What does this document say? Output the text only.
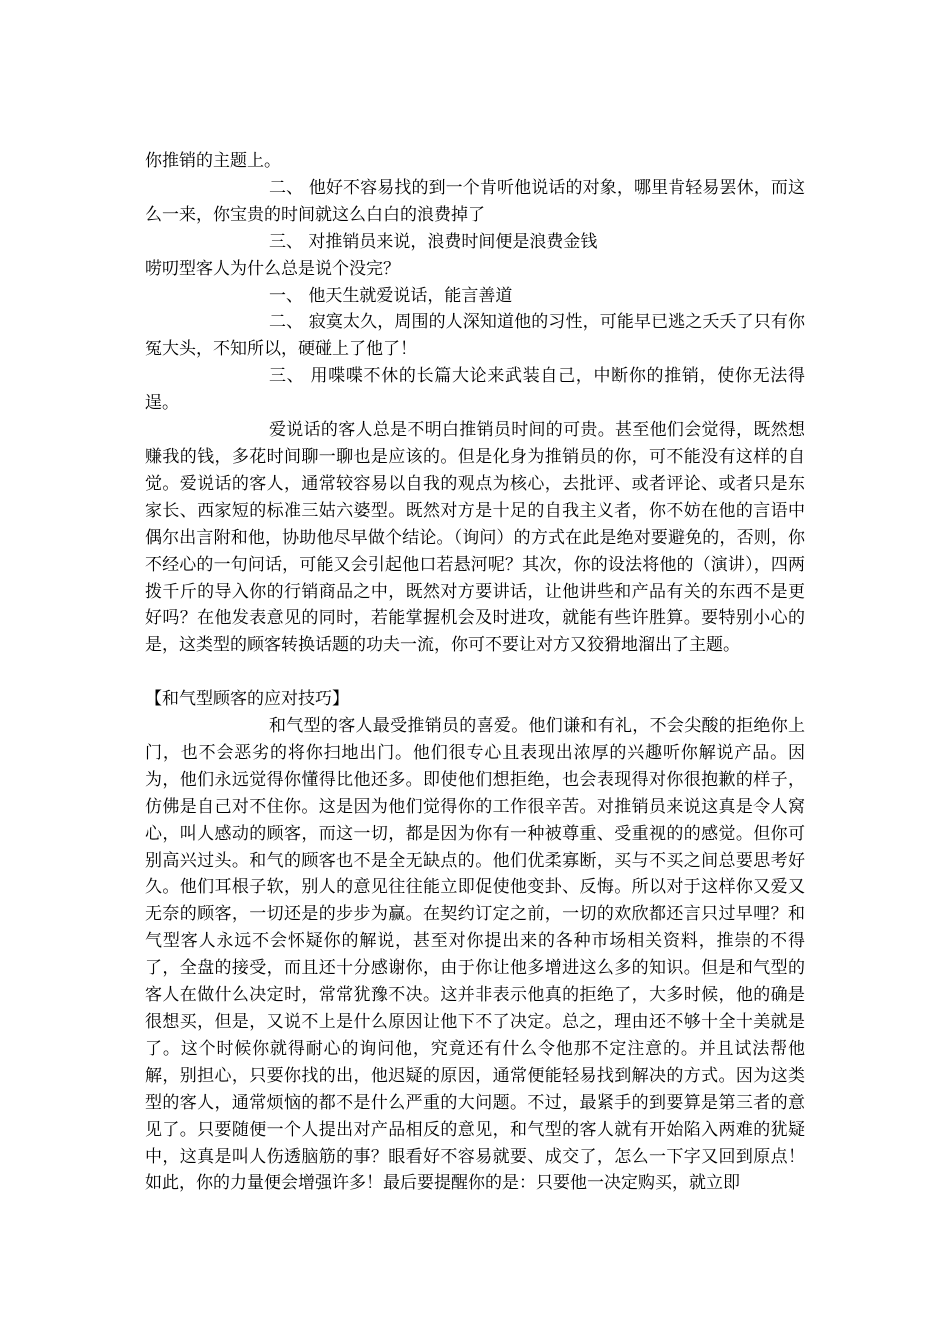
你推销的主题上。

二、 他好不容易找的到一个肯听他说话的对象，哪里肯轻易罢休，而这么一来，你宝贵的时间就这么白白的浪费掉了

三、 对推销员来说，浪费时间便是浪费金钱

唠叨型客人为什么总是说个没完？

一、 他天生就爱说话，能言善道

二、 寂寞太久，周围的人深知道他的习性，可能早已逃之夭夭了只有你冤大头，不知所以，硬碰上了他了！

三、 用喋喋不休的长篇大论来武装自己，中断你的推销，使你无法得逞。

爱说话的客人总是不明白推销员时间的可贵。甚至他们会觉得，既然想赚我的钱，多花时间聊一聊也是应该的。但是化身为推销员的你，可不能没有这样的自觉。爱说话的客人，通常较容易以自我的观点为核心，去批评、或者评论、或者只是东家长、西家短的标准三姑六婆型。既然对方是十足的自我主义者，你不妨在他的言语中偶尔出言附和他，协助他尽早做个结论。（询问）的方式在此是绝对要避免的，否则，你不经心的一句问话，可能又会引起他口若悬河呢？其次，你的设法将他的（演讲），四两拨千斤的导入你的行销商品之中，既然对方要讲话，让他讲些和产品有关的东西不是更好吗？在他发表意见的同时，若能掌握机会及时进攻，就能有些许胜算。要特别小心的是，这类型的顾客转换话题的功夫一流，你可不要让对方又狡猾地溜出了主题。

【和气型顾客的应对技巧】

和气型的客人最受推销员的喜爱。他们谦和有礼，不会尖酸的拒绝你上门，也不会恶劣的将你扫地出门。他们很专心且表现出浓厚的兴趣听你解说产品。因为，他们永远觉得你懂得比他还多。即使他们想拒绝，也会表现得对你很抱歉的样子，仿佛是自己对不住你。这是因为他们觉得你的工作很辛苦。对推销员来说这真是令人窝心，叫人感动的顾客，而这一切，都是因为你有一种被尊重、受重视的的感觉。但你可别高兴过头。和气的顾客也不是全无缺点的。他们优柔寡断，买与不买之间总要思考好久。他们耳根子软，别人的意见往往能立即促使他变卦、反悔。所以对于这样你又爱又无奈的顾客，一切还是的步步为赢。在契约订定之前，一切的欢欣都还言只过早哩？和气型客人永远不会怀疑你的解说，甚至对你提出来的各种市场相关资料，推崇的不得了，全盘的接受，而且还十分感谢你，由于你让他多增进这么多的知识。但是和气型的客人在做什么决定时，常常犹豫不决。这并非表示他真的拒绝了，大多时候，他的确是很想买，但是，又说不上是什么原因让他下不了决定。总之，理由还不够十全十美就是了。这个时候你就得耐心的询问他，究竟还有什么令他那不定注意的。并且试法帮他解，别担心，只要你找的出，他迟疑的原因，通常便能轻易找到解决的方式。因为这类型的客人，通常烦恼的都不是什么严重的大问题。不过，最紧手的到要算是第三者的意见了。只要随便一个人提出对产品相反的意见，和气型的客人就有开始陷入两难的犹疑中，这真是叫人伤透脑筋的事？眼看好不容易就要、成交了，怎么一下字又回到原点！如此，你的力量便会增强许多！最后要提醒你的是：只要他一决定购买，就立即
